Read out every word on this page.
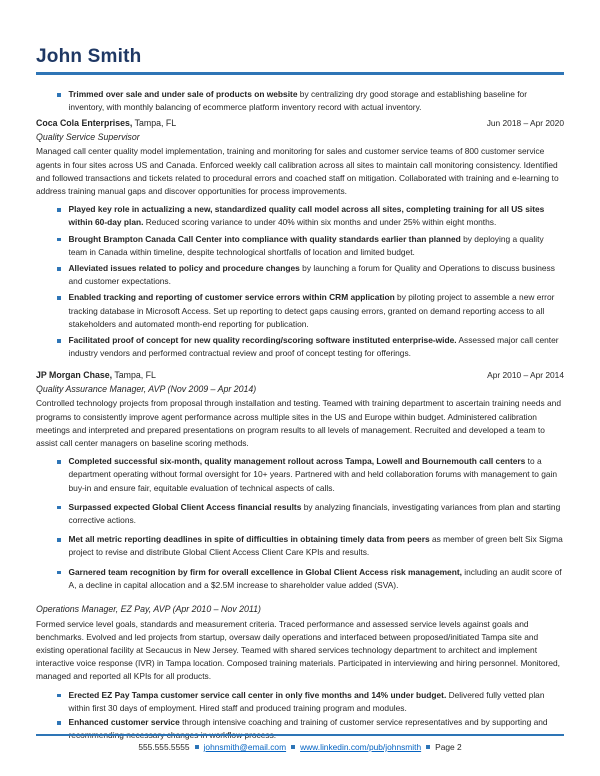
John Smith
Trimmed over sale and under sale of products on website by centralizing dry good storage and establishing baseline for inventory, with monthly balancing of ecommerce platform inventory record with actual inventory.
Coca Cola Enterprises, Tampa, FL	Jun 2018 – Apr 2020
Quality Service Supervisor

Managed call center quality model implementation, training and monitoring for sales and customer service teams of 800 customer service agents in four sites across US and Canada. Enforced weekly call calibration across all sites to maintain call monitoring consistency. Identified and followed transactions and tickets related to procedural errors and coached staff on mitigation. Collaborated with training and e-learning to address training manual gaps and discover opportunities for process improvements.

Played key role in actualizing a new, standardized quality call model across all sites, completing training for all US sites within 60-day plan. Reduced scoring variance to under 40% within six months and under 25% within eight months.
Brought Brampton Canada Call Center into compliance with quality standards earlier than planned by deploying a quality team in Canada within timeline, despite technological shortfalls of location and limited budget.
Alleviated issues related to policy and procedure changes by launching a forum for Quality and Operations to discuss business and customer expectations.
Enabled tracking and reporting of customer service errors within CRM application by piloting project to assemble a new error tracking database in Microsoft Access. Set up reporting to detect gaps causing errors, granted on demand reporting access to all stakeholders and automated month-end reporting for publication.
Facilitated proof of concept for new quality recording/scoring software instituted enterprise-wide. Assessed major call center industry vendors and performed contractual review and proof of concept testing for offerings.
JP Morgan Chase, Tampa, FL	Apr 2010 – Apr 2014
Quality Assurance Manager, AVP (Nov 2009 – Apr 2014)

Controlled technology projects from proposal through installation and testing. Teamed with training department to ascertain training needs and programs to consistently improve agent performance across multiple sites in the US and Europe within budget. Administered calibration meetings and interpreted and prepared presentations on program results to all levels of management. Recruited and developed a team to assist call center managers on baseline scoring methods.

Completed successful six-month, quality management rollout across Tampa, Lowell and Bournemouth call centers to a department operating without formal oversight for 10+ years. Partnered with and held collaboration forums with management to gain buy-in and ensure fair, equitable evaluation of technical aspects of calls.
Surpassed expected Global Client Access financial results by analyzing financials, investigating variances from plan and starting corrective actions.
Met all metric reporting deadlines in spite of difficulties in obtaining timely data from peers as member of green belt Six Sigma project to revise and distribute Global Client Access Client Care KPIs and results.
Garnered team recognition by firm for overall excellence in Global Client Access risk management, including an audit score of A, a decline in capital allocation and a $2.5M increase to shareholder value added (SVA).
Operations Manager, EZ Pay, AVP (Apr 2010 – Nov 2011)

Formed service level goals, standards and measurement criteria. Traced performance and assessed service levels against goals and benchmarks. Evolved and led projects from startup, oversaw daily operations and interfaced between proposed/initiated Tampa site and existing operational facility at Secaucus in New Jersey. Teamed with shared services technology department to architect and implement interactive voice response (IVR) in Tampa location. Composed training materials. Participated in interviewing and hiring personnel. Monitored, managed and reported all KPIs for all products.

Erected EZ Pay Tampa customer service call center in only five months and 14% under budget. Delivered fully vetted plan within first 30 days of employment. Hired staff and produced training program and modules.
Enhanced customer service through intensive coaching and training of customer service representatives and by supporting and recommending necessary changes in workflow process.
555.555.5555 johnsmith@email.com www.linkedin.com/pub/johnsmith Page 2
